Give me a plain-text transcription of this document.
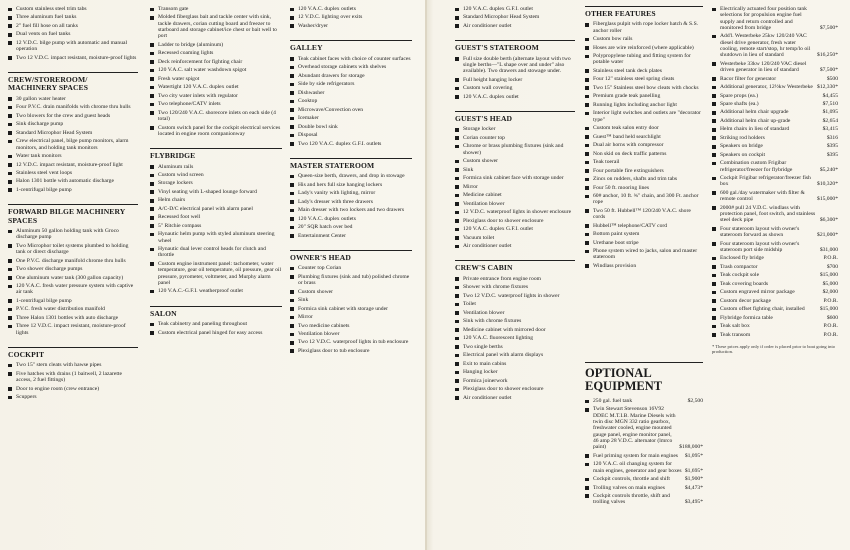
Custom stainless steel trim tabs
Three aluminum fuel tanks
2" fuel fill hose on all tanks
Dual vents on fuel tanks
12 V.D.C. bilge pump with automatic and manual operation
Two 12 V.D.C. impact resistant, moisture-proof lights
CREW/STOREROOM/ MACHINERY SPACES
30 gallon water heater
Four P.V.C. drain manifolds with chrome thru hulls
Two blowers for the crew and guest heads
Sink discharge pump
Standard Microphor Head System
Crew electrical panel, bilge pump monitors, alarm monitors, and holding tank monitors
Water tank monitors
12 V.D.C. impact resistant, moisture-proof light
Stainless steel vent loops
Halon 1301 bottle with automatic discharge
1-centrifugal bilge pump
FORWARD BILGE MACHINERY SPACES
Aluminum 50 gallon holding tank with Groco discharge pump
Two Microphor toilet systems plumbed to holding tank or direct discharge
One P.V.C. discharge manifold chrome thru hulls
Two shower discharge pumps
One aluminum water tank (300 gallon capacity)
120 V.A.C. fresh water pressure system with captive air tank
1-centrifugal bilge pump
P.V.C. fresh water distribution manifold
Three Halon 1301 bottles with auto discharge
Three 12 V.D.C. impact resistant, moisture-proof lights
COCKPIT
Two 15" stern cleats with hawse pipes
Five hatches with drains (1 baitwell, 2 lazarette access, 2 fuel fittings)
Door to engine room (crew entrance)
Scuppers
Transom gate
Molded fiberglass bait and tackle center with sink, tackle drawers, corian cutting board and freezer to starboard and storage cabinet/ice chest or bait well to port
Ladder to bridge (aluminum)
Recessed coaming lights
Deck reinforcement for fighting chair
120 V.A.C. salt water washdown spigot
Fresh water spigot
Watertight 120 V.A.C. duplex outlet
Two city water inlets with regulator
Two telephone/CATV inlets
Two 120/240 V.A.C. shorecore inlets on each side (4 total)
Custom switch panel for the cockpit electrical services located in engine room companionway
FLYBRIDGE
Aluminum rails
Custom wind screen
Storage lockers
Vinyl seating with L-shaped lounge forward
Helm chairs
A/C-D/C electrical panel with alarm panel
Recessed foot well
5" Ritchie compass
Hynautic helm pump with styled aluminum steering wheel
Hynautic dual lever control heads for clutch and throttle
Custom engine instrument panel: tachometer, water temperature, gear oil temperature, oil pressure, gear oil pressure, pyrometer, voltmeter, and Murphy alarm panel
120 V.A.C.-G.F.I. weatherproof outlet
SALON
Teak cabinetry and paneling throughout
Custom electrical panel hinged for easy access
120 V.A.C. duplex outlets
12 V.D.C. lighting over exits
Washer/dryer
GALLEY
Teak cabinet faces with choice of counter surfaces
Overhead storage cabinets with shelves
Abundant drawers for storage
Side by side refrigerators
Dishwasher
Cooktop
Microwave/Convection oven
Icemaker
Double bowl sink
Disposal
Two 120 V.A.C. duplex G.F.I. outlets
MASTER STATEROOM
Queen-size berth, drawers, and drop in stowage
His and hers full size hanging lockers
Lady's vanity with lighting, mirror
Lady's dresser with three drawers
Main dresser with two lockers and two drawers
120 V.A.C. duplex outlets
20" SQR hatch over bed
Entertainment Center
OWNER'S HEAD
Counter top Corian
Plumbing fixtures (sink and tub) polished chrome or brass
Custom shower
Sink
Formica sink cabinet with storage under
Mirror
Two medicine cabinets
Ventilation blower
Two 12 V.D.C. waterproof lights in tub enclosure
Plexiglass door to tub enclosure
120 V.A.C. duplex G.F.I. outlet
Standard Microphor Head System
Air conditioner outlet
GUEST'S STATEROOM
Full size double berth (alternate layout with two single berths—"L shape over and under" also available). Two drawers and stowage under.
Full height hanging locker
Custom wall covering
120 V.A.C. duplex outlet
GUEST'S HEAD
Storage locker
Corian counter top
Chrome or brass plumbing fixtures (sink and shower)
Custom shower
Sink
Formica sink cabinet face with storage under
Mirror
Medicine cabinet
Ventilation blower
12 V.D.C. waterproof lights in shower enclosure
Plexiglass door to shower enclosure
120 V.A.C. duplex G.F.I. outlet
Vacuum toilet
Air conditioner outlet
CREW'S CABIN
Private entrance from engine room
Shower with chrome fixtures
Two 12 V.D.C. waterproof lights in shower
Toilet
Ventilation blower
Sink with chrome fixtures
Medicine cabinet with mirrored door
120 V.A.C. fluorescent lighting
Two single berths
Electrical panel with alarm displays
Exit to main cabins
Hanging locker
Formica joinerwork
Plexiglass door to shower enclosure
Air conditioner outlet
OTHER FEATURES
Fiberglass pulpit with rope locker hatch & S.S. anchor roller
Custom bow rails
Hoses are wire reinforced (where applicable)
Polypropylene tubing and fitting system for potable water
Stainless steel tank deck plates
Four 12" stainless steel spring cleats
Two 15" Stainless steel bow cleats with chocks
Premium grade teak panelling
Running lights including anchor light
Interior light switches and outlets are "decorator type"
Custom teak salon entry door
Guest™ band held searchlight
Dual air horns with compressor
Non skid on deck traffic patterns
Teak toerail
Four portable fire extinguishers
Zincs on rudders, shafts and trim tabs
Four 50 ft. mooring lines
60# anchor, 10 ft. ¾" chain, and 300 Ft. anchor rope
Two 50 ft. Hubbell™ 120/240 V.A.C. shore cords
Hubbell™ telephone/CATV cord
Bottom paint system
Urethane boot stripe
Phone system wired to jacks, salon and master stateroom
Windlass provision
OPTIONAL EQUIPMENT
250 gal. fuel tank	$2,500
Twin Stewart Stevenson 16V92 DDEC M.T.I.B. Marine Diesels with twin disc MGN 332 ratio gearbox, freshwater cooled, engine mounted gauge panel, engine monitor panel, 46 amp 28 V.D.C. alternator (lmrco paint)	$188,000*
Fuel priming system for main engines $1,095*
120 V.A.C. oil changing system for main engines, generator and gear boxes $1,695*
Cockpit controls, throttle and shift	$1,900*
Trolling valves on main engines	$4,473*
Cockpit controls throttle, shift and trolling valves	$3,495*
Electrically actuated four position tank selections for propulsion engine fuel supply and return controlled and monitored from bridge	$7,500*
Add'l. Westerbeke 25kw 120/240 VAC diesel drive generator, fresh water cooling, remote start/stop, hr temp/lo oil shutdown in lieu of standard	$16,250*
Westerbeke 33kw 120/240 VAC diesel driven generator in lieu of standard	$7,500*
Racor filter for generator	$500
Additional generator, 12½kw Westerbeke $12,330*
Spare props (ea.)	$4,455
Spare shafts (ea.)	$7,510
Additional helm chair upgrade	$1,095
Additional helm chair up-grade	$2,654
Helm chairs in lieu of standard	$3,415
Striking rod holders	$316
Speakers on bridge	$395
Speakers on cockpit	$395
Combination custom Frigibar refrigerator/freezer for flybridge	$5,240*
Cockpit Frigibar refrigerator/freezer fish box	$10,320*
600 gal./day watermaker with filter & remote control	$15,000*
2000# pull 24 V.D.C. windlass with protection panel, foot switch, and stainless steel deck pipe	$6,300*
Four stateroom layout with owner's stateroom forward as shown	$21,000*
Four stateroom layout with owner's stateroom port side midship	$31,000
Enclosed fly bridge	P.O.R.
Trash compactor	$700
Teak cockpit sole	$15,000
Teak covering boards	$5,000
Custom engraved mirror package	$2,000
Custom decor package	P.O.R.
Custom offset fighting chair, installed	$15,000
Flybridge formica table	$600
Teak salt box	P.O.R.
Teak transom	P.O.R.
* These prices apply only if order is placed prior to boat going into production.
